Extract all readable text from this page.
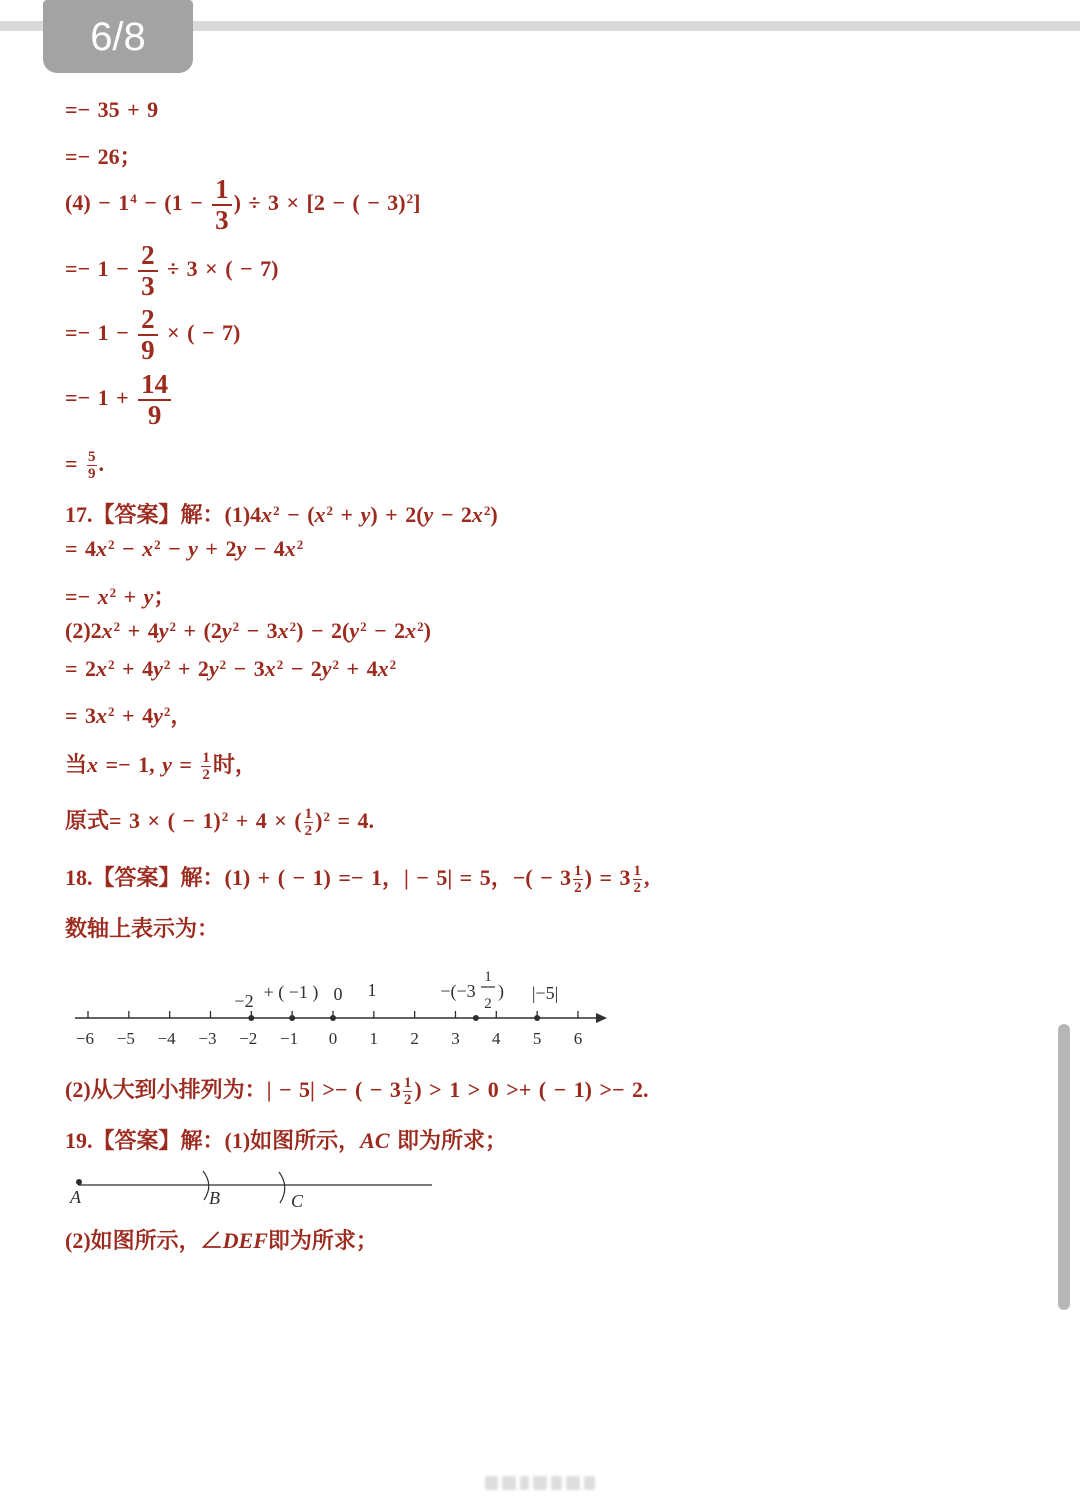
6/8
=− 35 + 9
=− 26；
$(4) - 1^4 - (1 - \frac{1}{3}$ ) ÷ 3 × [2 − ( − 3)$^2$]
=− $1 - \frac{2}{3} \div 3$ × ( − 7)
=− $1 - \frac{2}{9}$ × ( − 7)
=− $1 + \frac{14}{9}$
= $\frac{5}{9}$ .
17.【答案】解：$(1)4x^2 - (x^2 + y) + 2(y - 2x^2)$
= $4x^2 - x^2 - y + 2y - 4x^2$
=− $x^2 + y$；
$(2)2x^2 + 4y^2 + (2y^2 - 3x^2) - 2(y^2 - 2x^2)$
= $2x^2 + 4y^2 + 2y^2 - 3x^2 - 2y^2 + 4x^2$
= $3x^2 + 4y^2$，
当x =− 1, $y = \frac{1}{2}$ 时，
原式= 3 × ( − 1)$^2$ + 4 × ( $\frac{1}{2} )^2 = 4$.
18.【答案】解：(1) + ( − 1) =− 1，| − 5| = 5，−( − $3 \frac{1}{2}$ ) = $3 \frac{1}{2}$ ,
数轴上表示为：
(2)从大到小排列为：| − 5| >− ( − $3 \frac{1}{2}$ ) > 1 > 0 >+ ( − 1) >− 2.
19.【答案】解：(1)如图所示，AC 即为所求；
(2)如图所示，∠DEF即为所求；
−6 −5 −4 −3 −2 −1 0 1 2 3 4 5 6
−2 + ( −1 ) 0 1	−(−3
1
2
) |−5|
A	B	C
